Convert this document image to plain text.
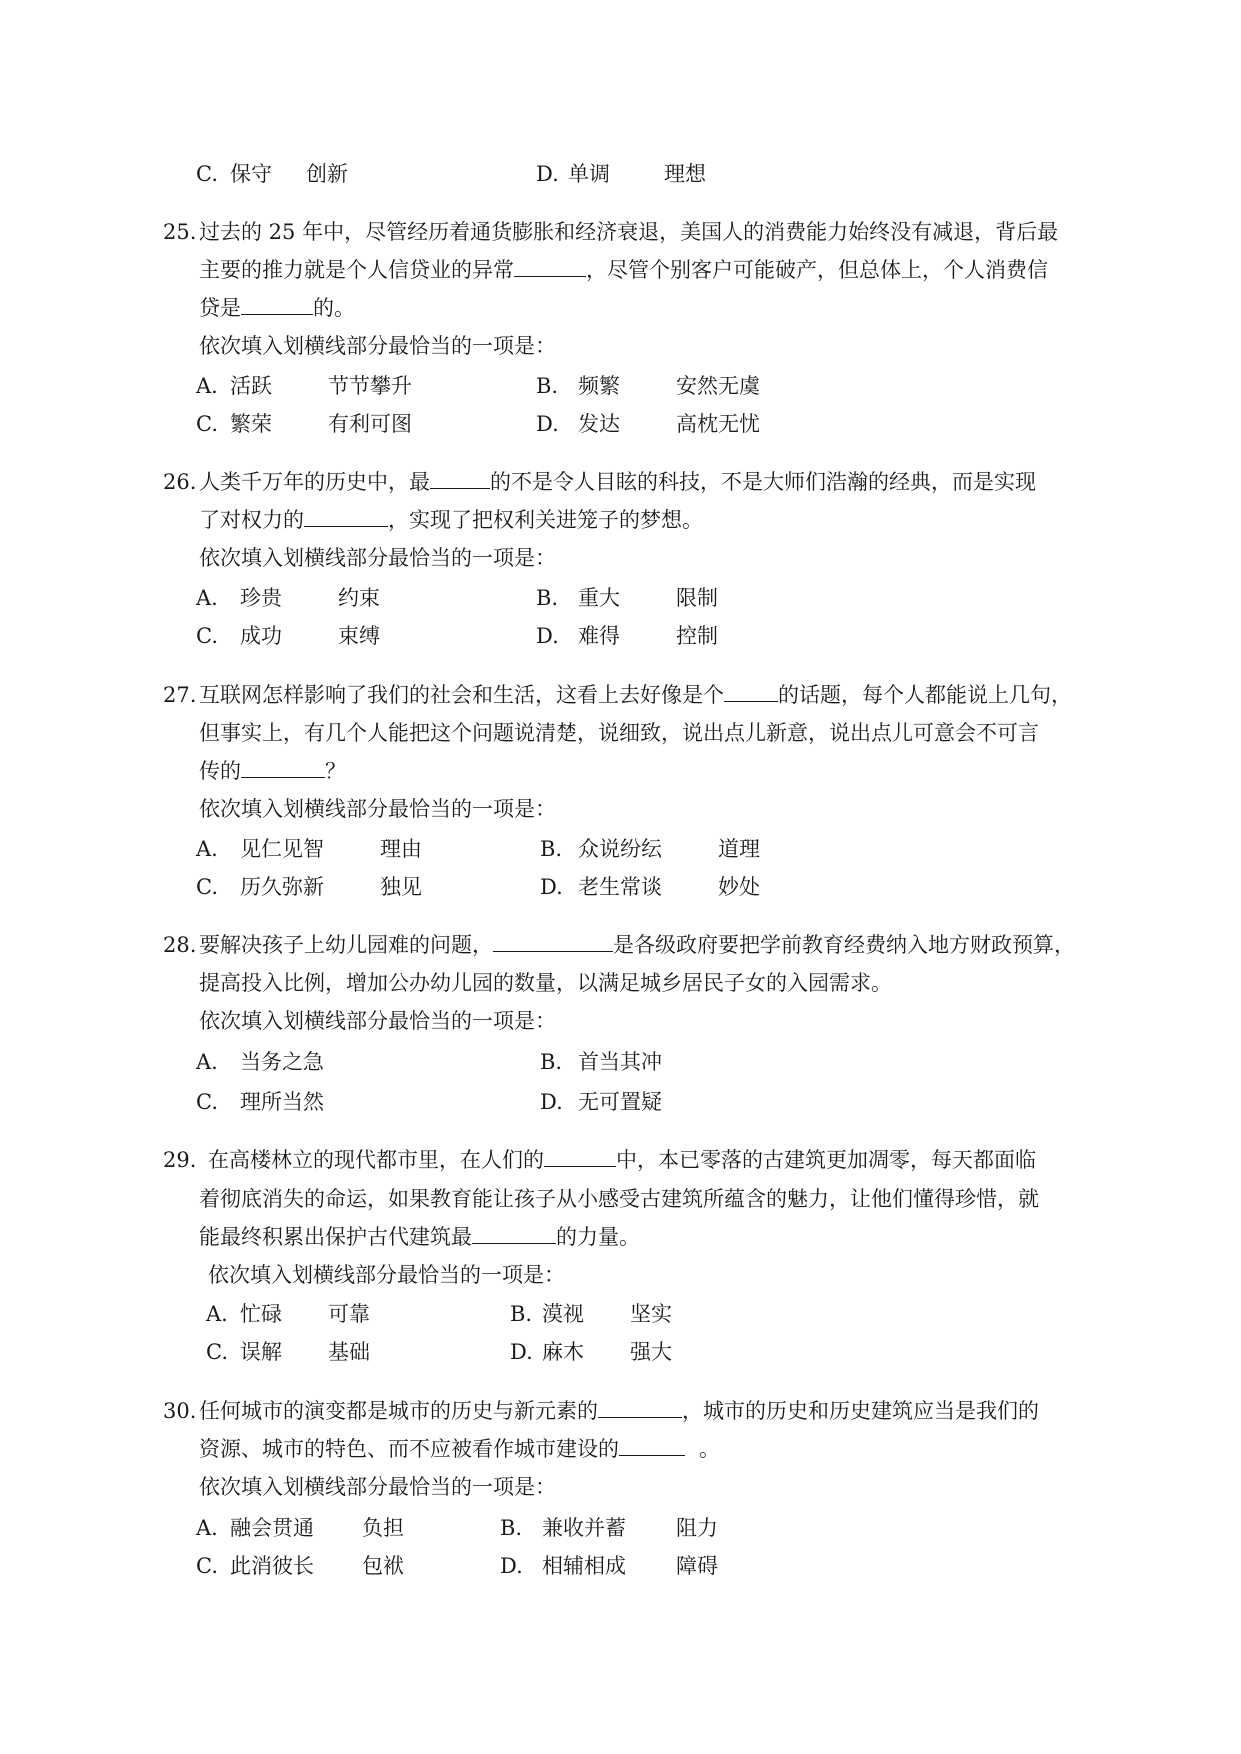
C. 保守 创新	D. 单调	理想
25. 过去的 25 年中，尽管经历着通货膨胀和经济衰退，美国人的消费能力始终没有减退，背后最
主要的推力就是个人信贷业的异常	，尽管个别客户可能破产，但总体上，个人消费信
贷是	的。
依次填入划横线部分最恰当的一项是：
A. 活跃	节节攀升	B. 频繁	安然无虞
C. 繁荣	有利可图	D. 发达	高枕无忧
26. 人类千万年的历史中，最	的不是令人目眩的科技，不是大师们浩瀚的经典，而是实现
了对权力的	，实现了把权利关进笼子的梦想。
依次填入划横线部分最恰当的一项是：
A. 珍贵	约束	B. 重大	限制
C. 成功	束缚	D. 难得	控制
27. 互联网怎样影响了我们的社会和生活，这看上去好像是个	的话题，每个人都能说上几句，
但事实上，有几个人能把这个问题说清楚，说细致，说出点儿新意，说出点儿可意会不可言
传的	？
依次填入划横线部分最恰当的一项是：
A. 见仁见智	理由	B. 众说纷纭	道理
C. 历久弥新	独见	D. 老生常谈	妙处
28. 要解决孩子上幼儿园难的问题，	是各级政府要把学前教育经费纳入地方财政预算，
提高投入比例，增加公办幼儿园的数量，以满足城乡居民子女的入园需求。
依次填入划横线部分最恰当的一项是：
A. 当务之急	B. 首当其冲
C. 理所当然	D. 无可置疑
29. 在高楼林立的现代都市里，在人们的	中，本已零落的古建筑更加凋零，每天都面临
着彻底消失的命运，如果教育能让孩子从小感受古建筑所蕴含的魅力，让他们懂得珍惜，就
能最终积累出保护古代建筑最	的力量。
依次填入划横线部分最恰当的一项是：
A. 忙碌 可靠	B. 漠视 坚实
C. 误解 基础	D. 麻木 强大
30. 任何城市的演变都是城市的历史与新元素的	，城市的历史和历史建筑应当是我们的
资源、城市的特色、而不应被看作城市建设的	。
依次填入划横线部分最恰当的一项是：
A. 融会贯通 负担	B. 兼收并蓄 阻力
C. 此消彼长 包袱	D. 相辅相成 障碍
